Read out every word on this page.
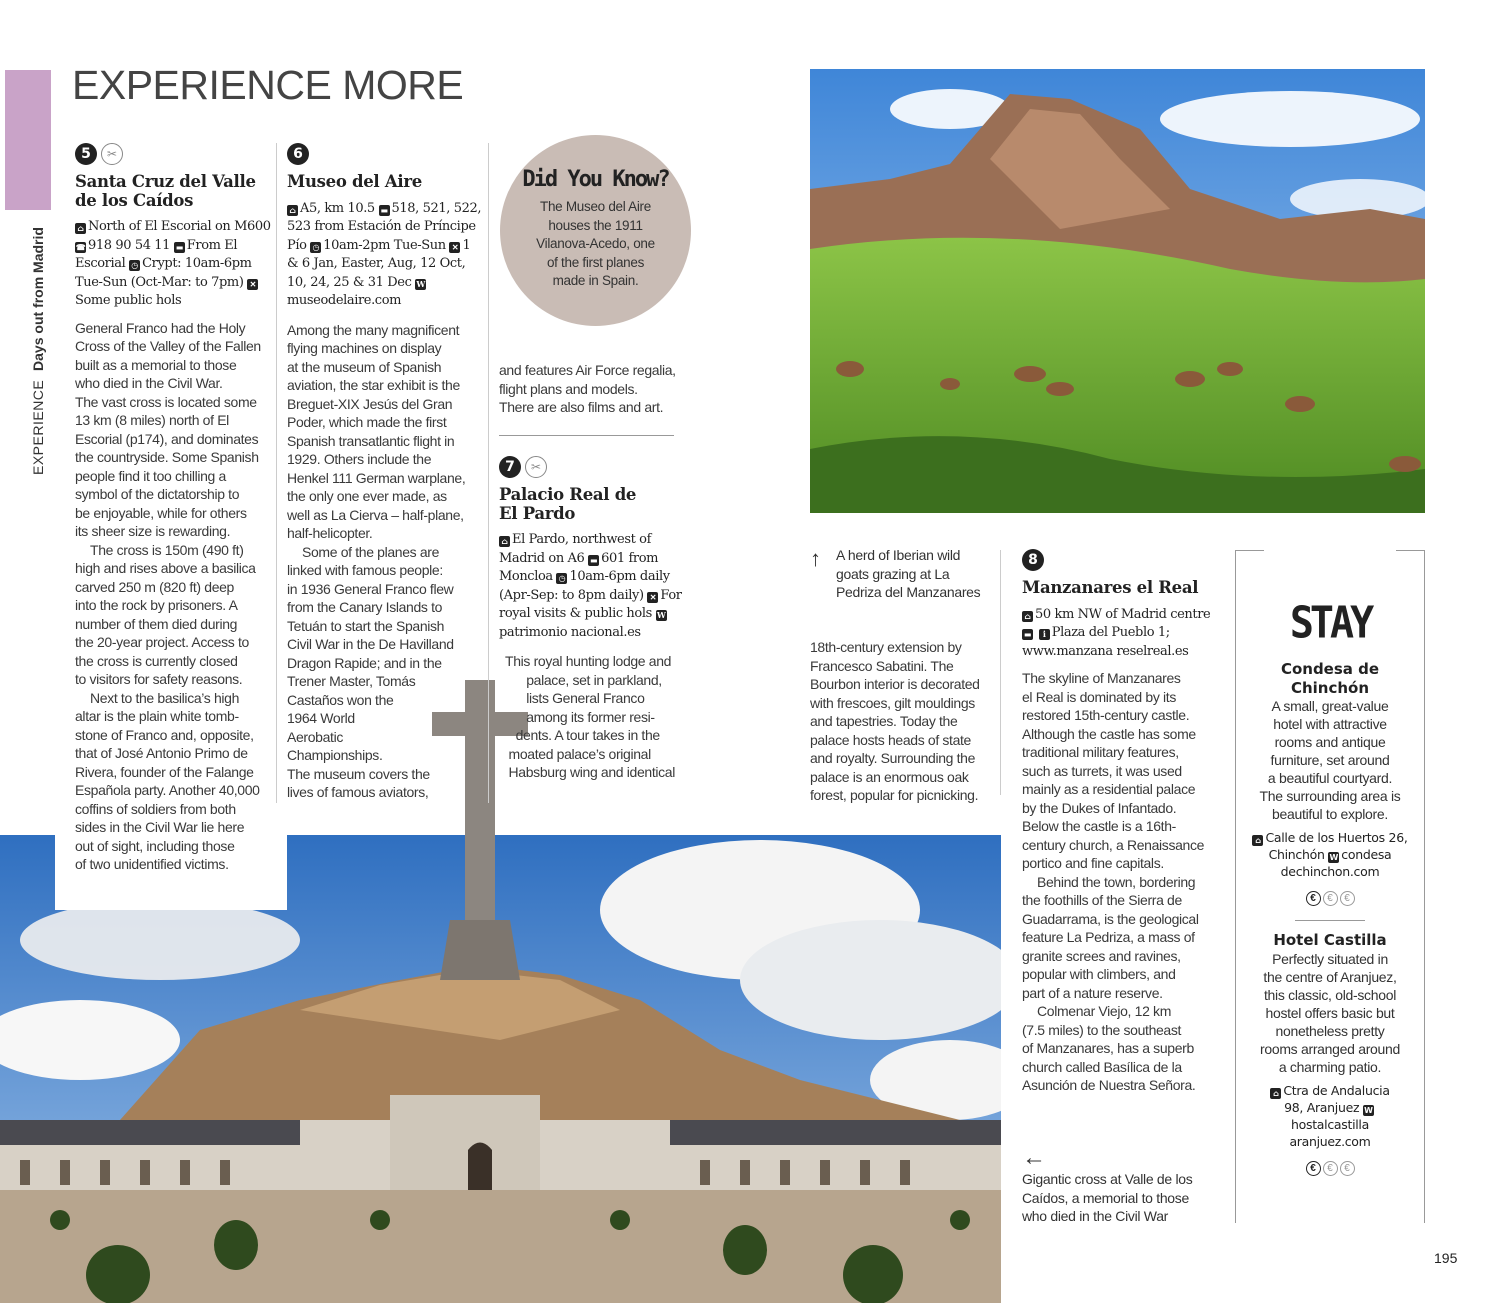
EXPERIENCE  Days out from Madrid
EXPERIENCE MORE
5 ✂
Santa Cruz del Valle
de los Caídos
⌂ North of El Escorial on M600 ☎ 918 90 54 11 ▬ From El Escorial ◷ Crypt: 10am-6pm Tue-Sun (Oct-Mar: to 7pm) ✕Some public hols

General Franco had the Holy
Cross of the Valley of the Fallen
built as a memorial to those
who died in the Civil War.
The vast cross is located some
13 km (8 miles) north of El
Escorial (p174), and dominates
the countryside. Some Spanish
people find it too chilling a
symbol of the dictatorship to
be enjoyable, while for others
its sheer size is rewarding.

The cross is 150m (490 ft)
high and rises above a basilica
carved 250 m (820 ft) deep
into the rock by prisoners. A
number of them died during
the 20-year project. Access to
the cross is currently closed
to visitors for safety reasons.

Next to the basilica’s high
altar is the plain white tomb-
stone of Franco and, opposite,
that of José Antonio Primo de
Rivera, founder of the Falange
Española party. Another 40,000
coffins of soldiers from both
sides in the Civil War lie here
out of sight, including those
of two unidentified victims.

6
Museo del Aire
⌂ A5, km 10.5 ▬ 518, 521, 522, 523 from Estación de Príncipe Pío ◷ 10am-2pm Tue-Sun ✕ 1 & 6 Jan, Easter, Aug, 12 Oct, 10, 24, 25 & 31 Dec Wmuseodelaire.com

Among the many magnificent
flying machines on display
at the museum of Spanish
aviation, the star exhibit is the
Breguet-XIX Jesús del Gran
Poder, which made the first
Spanish transatlantic flight in
1929. Others include the
Henkel 111 German warplane,
the only one ever made, as
well as La Cierva – half-plane,
half-helicopter.

Some of the planes are
linked with famous people:
in 1936 General Franco flew
from the Canary Islands to
Tetuán to start the Spanish
Civil War in the De Havilland
Dragon Rapide; and in the
Trener Master, Tomás
Castaños won the
1964 World
Aerobatic
Championships.
The museum covers the
lives of famous aviators,

Did You Know?

The Museo del Aire
houses the 1911
Vilanova-Acedo, one
of the first planes
made in Spain.

and features Air Force regalia,
flight plans and models.
There are also films and art.

7 ✂
Palacio Real de
El Pardo
⌂ El Pardo, northwest of Madrid on A6 ▬ 601 from Moncloa ◷ 10am-6pm daily (Apr-Sep: to 8pm daily) ✕ For royal visits & public hols Wpatrimonio nacional.es

This royal hunting lodge and
palace, set in parkland,
lists General Franco
among its former resi-
dents. A tour takes in the
moated palace’s original
Habsburg wing and identical

↑ A herd of Iberian wild
goats grazing at La
Pedriza del Manzanares

18th-century extension by
Francesco Sabatini. The
Bourbon interior is decorated
with frescoes, gilt mouldings
and tapestries. Today the
palace hosts heads of state
and royalty. Surrounding the
palace is an enormous oak
forest, popular for picnicking.

8
Manzanares el Real
⌂ 50 km NW of Madrid centre ▬ i Plaza del Pueblo 1; www.manzana reselreal.es

The skyline of Manzanares
el Real is dominated by its
restored 15th-century castle.
Although the castle has some
traditional military features,
such as turrets, it was used
mainly as a residential palace
by the Dukes of Infantado.
Below the castle is a 16th-
century church, a Renaissance
portico and fine capitals.

Behind the town, bordering
the foothills of the Sierra de
Guadarrama, is the geological
feature La Pedriza, a mass of
granite screes and ravines,
popular with climbers, and
part of a nature reserve.

Colmenar Viejo, 12 km
(7.5 miles) to the southeast
of Manzanares, has a superb
church called Basílica de la
Asunción de Nuestra Señora.

←

Gigantic cross at Valle de los
Caídos, a memorial to those
who died in the Civil War

STAY
Condesa de
Chinchón

A small, great-value
hotel with attractive
rooms and antique
furniture, set around
a beautiful courtyard.
The surrounding area is
beautiful to explore.

⌂ Calle de los Huertos 26, Chinchón W condesa dechinchon.com

€ € €
Hotel Castilla

Perfectly situated in
the centre of Aranjuez,
this classic, old-school
hostel offers basic but
nonetheless pretty
rooms arranged around
a charming patio.

⌂ Ctra de Andalucia 98, Aranjuez Whostalcastilla aranjuez.com

€ € €
195
